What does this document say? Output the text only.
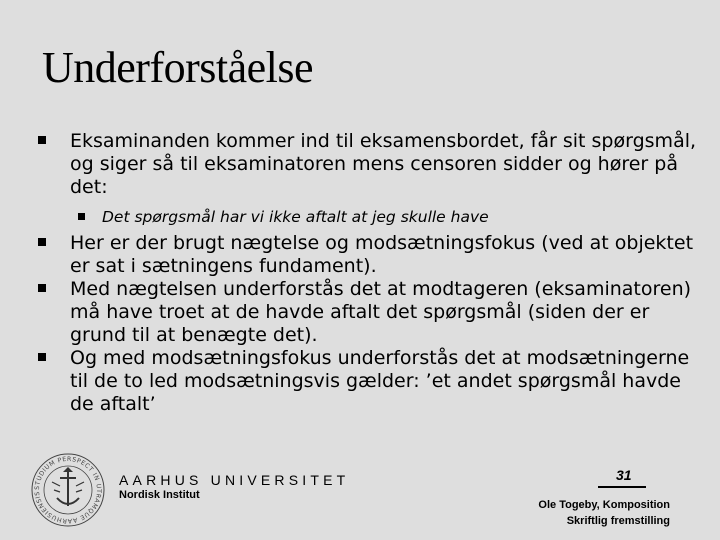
Underforståelse
Eksaminanden kommer ind til eksamensbordet, får sit spørgsmål, og siger så til eksaminatoren mens censoren sidder og hører på det:
Det spørgsmål har vi ikke aftalt at jeg skulle have
Her er der brugt nægtelse og modsætningsfokus (ved at objektet er sat i sætningens fundament).
Med nægtelsen underforstås det at modtageren (eksaminatoren) må have troet at de havde aftalt det spørgsmål (siden der er grund til at benægte det).
Og med modsætningsfokus underforstås det at modsætningerne til de to led modsætningsvis gælder: ’et andet spørgsmål havde de aftalt’
STUDIUM PERSPECT IN UTRAMQUE AARHUSIENSIS
AARHUS UNIVERSITET
Nordisk Institut
31
Ole Togeby, Komposition
Skriftlig fremstilling
